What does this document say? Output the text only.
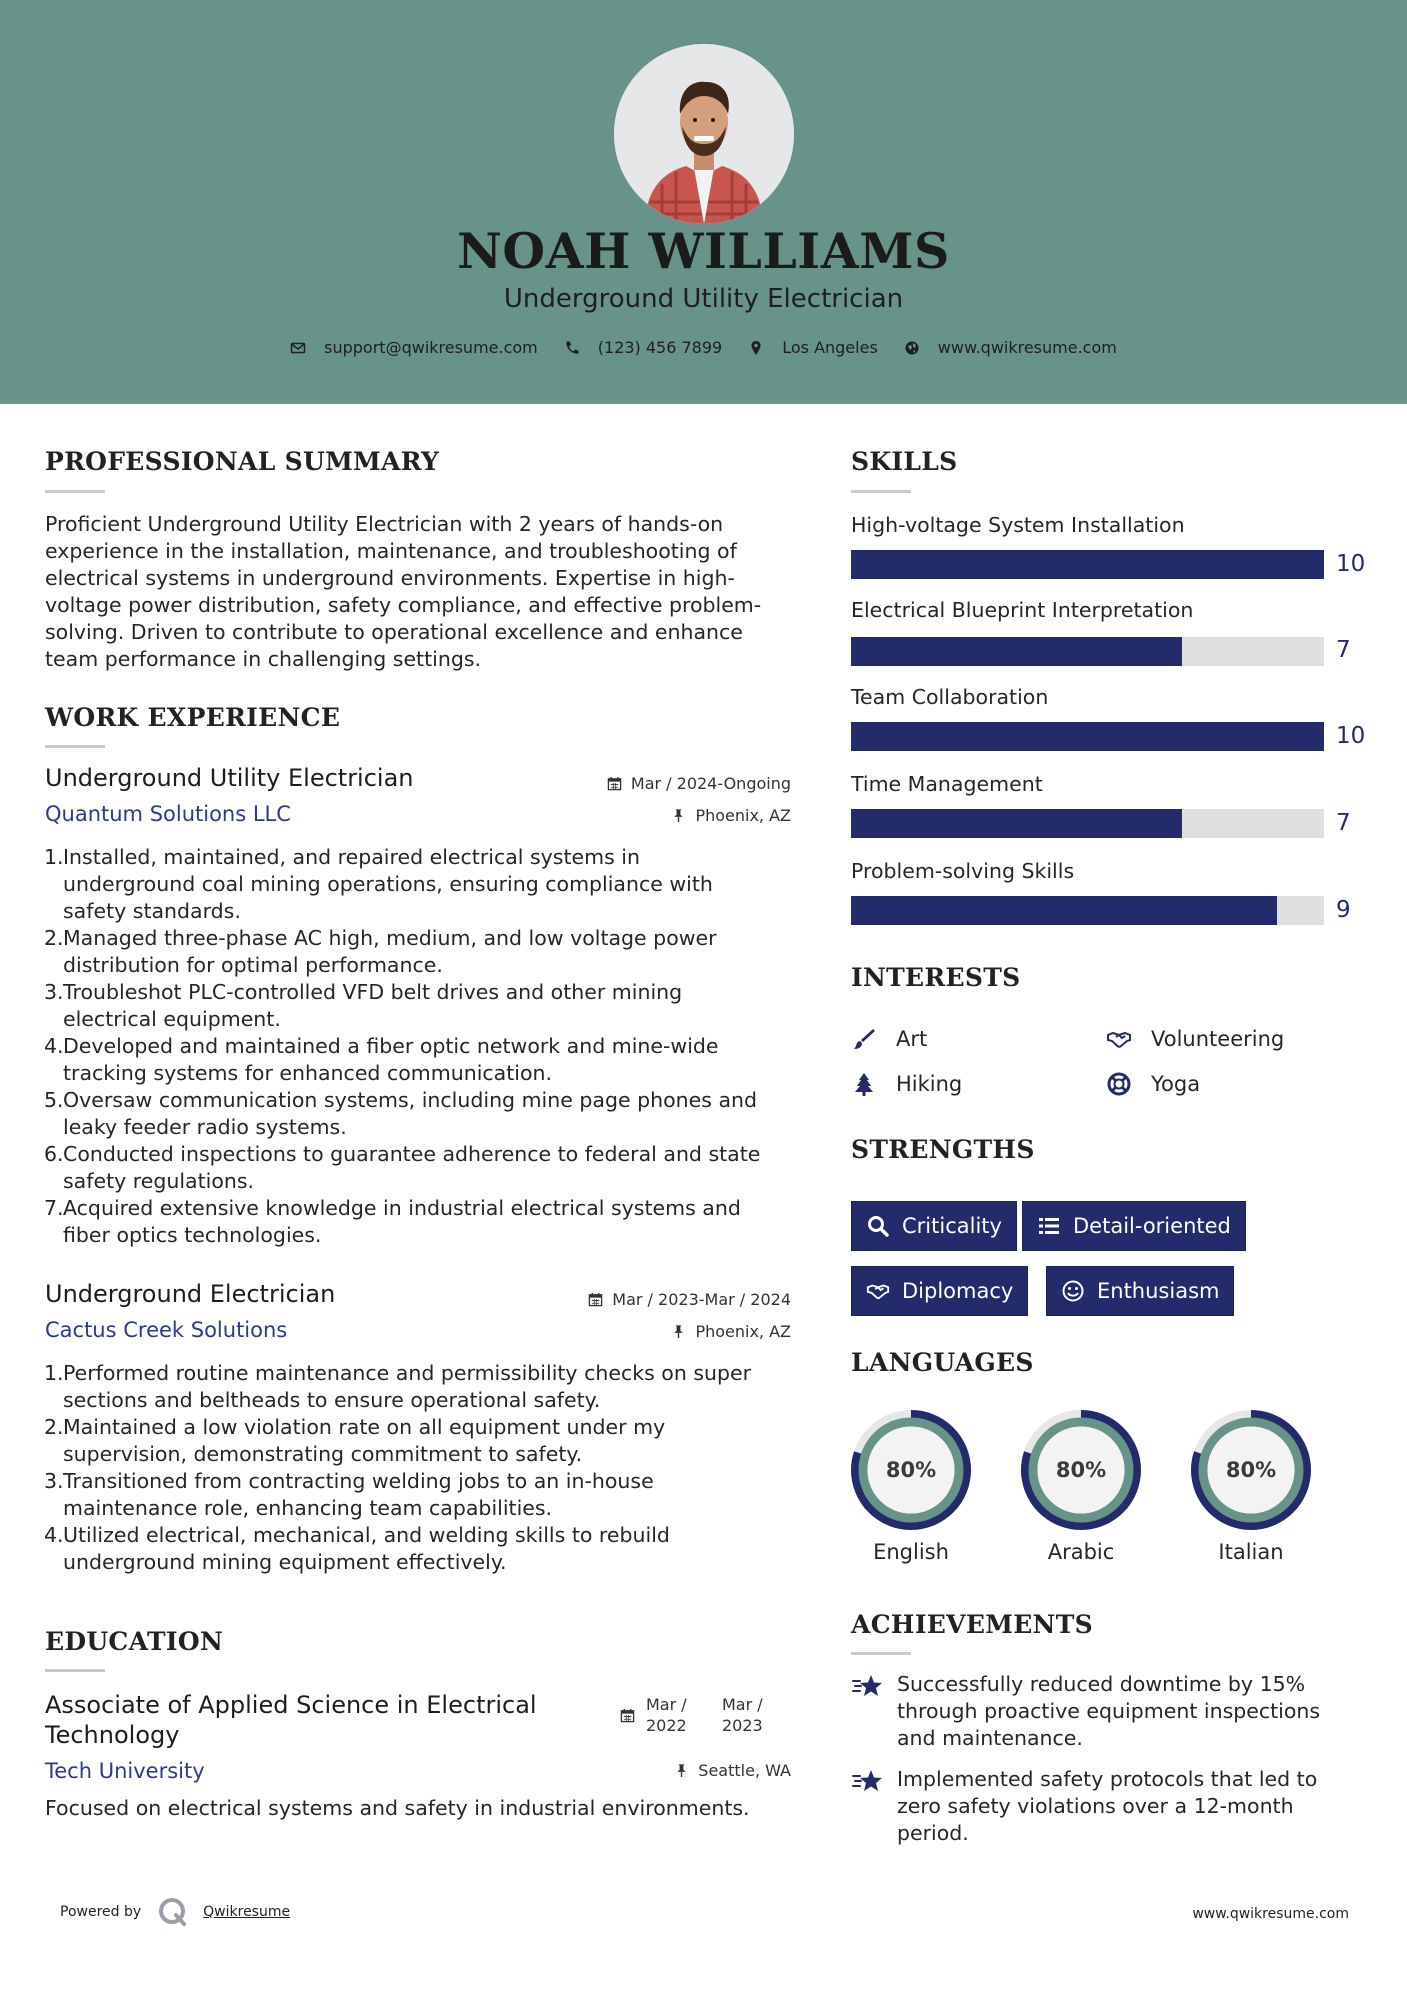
NOAH WILLIAMS
Underground Utility Electrician
support@qwikresume.com	(123) 456 7899	Los Angeles	www.qwikresume.com
PROFESSIONAL SUMMARY
Proficient Underground Utility Electrician with 2 years of hands-on
experience in the installation, maintenance, and troubleshooting of
electrical systems in underground environments. Expertise in high-
voltage power distribution, safety compliance, and effective problem-
solving. Driven to contribute to operational excellence and enhance
team performance in challenging settings.
WORK EXPERIENCE
Underground Utility Electrician	Mar / 2024-Ongoing
Quantum Solutions LLC	Phoenix, AZ
1. Installed, maintained, and repaired electrical systems in
underground coal mining operations, ensuring compliance with
safety standards.
2. Managed three-phase AC high, medium, and low voltage power
distribution for optimal performance.
3. Troubleshot PLC-controlled VFD belt drives and other mining
electrical equipment.
4. Developed and maintained a fiber optic network and mine-wide
tracking systems for enhanced communication.
5. Oversaw communication systems, including mine page phones and
leaky feeder radio systems.
6. Conducted inspections to guarantee adherence to federal and state
safety regulations.
7. Acquired extensive knowledge in industrial electrical systems and
fiber optics technologies.
Underground Electrician	Mar / 2023-Mar / 2024
Cactus Creek Solutions	Phoenix, AZ
1. Performed routine maintenance and permissibility checks on super
sections and beltheads to ensure operational safety.
2. Maintained a low violation rate on all equipment under my
supervision, demonstrating commitment to safety.
3. Transitioned from contracting welding jobs to an in-house
maintenance role, enhancing team capabilities.
4. Utilized electrical, mechanical, and welding skills to rebuild
underground mining equipment effectively.
EDUCATION
Associate of Applied Science in Electrical
Technology
Mar /
2022
Mar /
2023
Tech University	Seattle, WA
Focused on electrical systems and safety in industrial environments.
SKILLS
High-voltage System Installation
10
Electrical Blueprint Interpretation
7
Team Collaboration
10
Time Management
7
Problem-solving Skills
9
INTERESTS
Art	Volunteering
Hiking	Yoga
STRENGTHS
Criticality	Detail-oriented
Diplomacy	Enthusiasm
LANGUAGES
80%
English
80%
Arabic
80%
Italian
ACHIEVEMENTS
Successfully reduced downtime by 15%
through proactive equipment inspections
and maintenance.
Implemented safety protocols that led to
zero safety violations over a 12-month
period.
Powered by	Qwikresume	www.qwikresume.com
